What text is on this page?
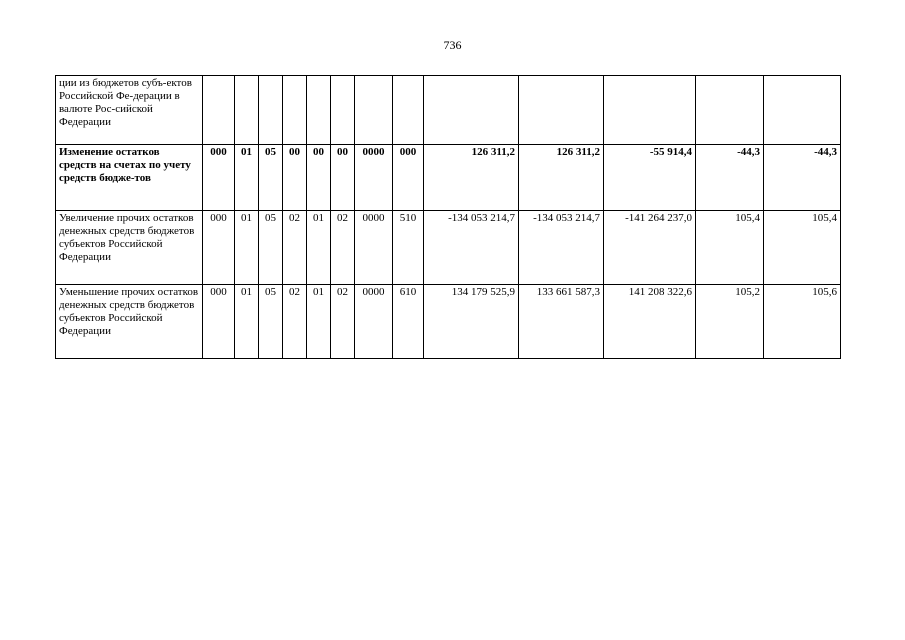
736
ции из бюджетов субъ-ектов Российской Фе-дерации в валюте Рос-сийской Федерации													
Изменение остатков средств на счетах по учету средств бюдже-тов	000	01	05	00	00	00	0000	000	126 311,2	126 311,2	-55 914,4	-44,3	-44,3
Увеличение прочих остатков денежных средств бюджетов субъектов Российской Федерации	000	01	05	02	01	02	0000	510	-134 053 214,7	-134 053 214,7	-141 264 237,0	105,4	105,4
Уменьшение прочих остатков денежных средств бюджетов субъектов Российской Федерации	000	01	05	02	01	02	0000	610	134 179 525,9	133 661 587,3	141 208 322,6	105,2	105,6
